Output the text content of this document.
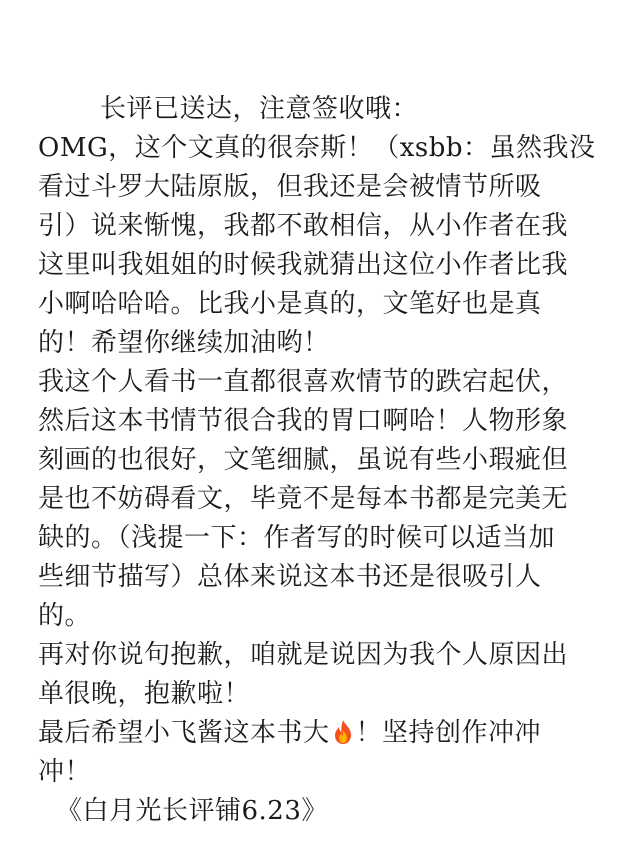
长评已送达，注意签收哦：
OMG，这个文真的很奈斯！（xsbb：虽然我没
看过斗罗大陆原版，但我还是会被情节所吸
引）说来惭愧，我都不敢相信，从小作者在我
这里叫我姐姐的时候我就猜出这位小作者比我
小啊哈哈哈。比我小是真的，文笔好也是真
的！希望你继续加油哟！
我这个人看书一直都很喜欢情节的跌宕起伏，
然后这本书情节很合我的胃口啊哈！人物形象
刻画的也很好，文笔细腻，虽说有些小瑕疵但
是也不妨碍看文，毕竟不是每本书都是完美无
缺的。（浅提一下：作者写的时候可以适当加
些细节描写）总体来说这本书还是很吸引人
的。
再对你说句抱歉，咱就是说因为我个人原因出
单很晚，抱歉啦！
最后希望小飞酱这本书大 ！坚持创作冲冲
冲！
《白月光长评铺6.23》
